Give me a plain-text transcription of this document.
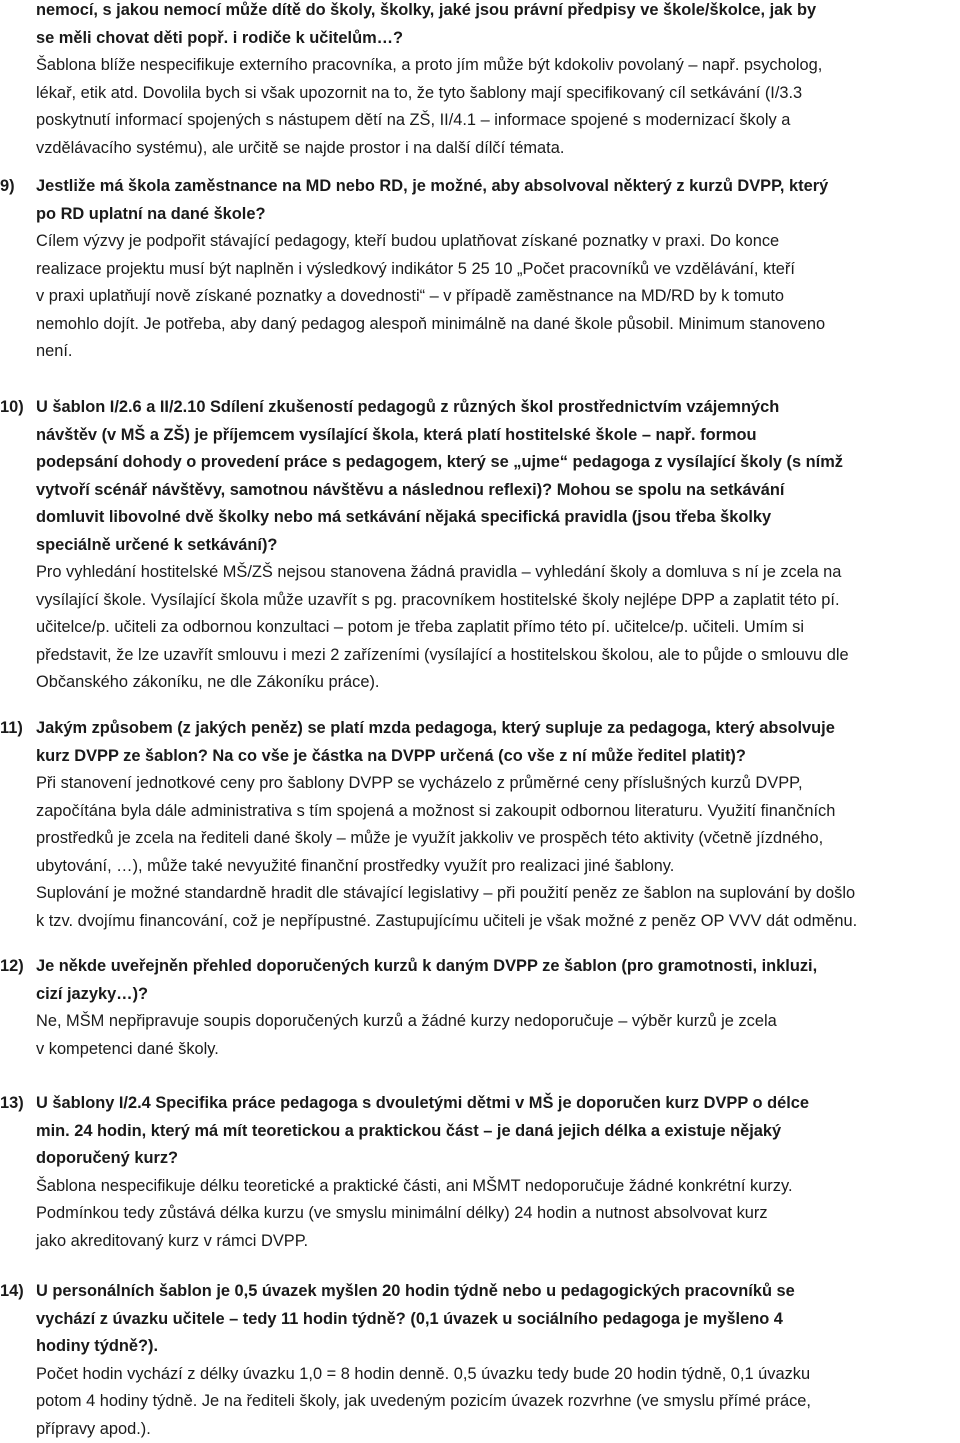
nemocí, s jakou nemocí může dítě do školy, školky, jaké jsou právní předpisy ve škole/školce, jak by
se měli chovat děti popř. i rodiče k učitelům…?
Šablona blíže nespecifikuje externího pracovníka, a proto jím může být kdokoliv povolaný – např. psycholog,
lékař, etik atd. Dovolila bych si však upozornit na to, že tyto šablony mají specifikovaný cíl setkávání (I/3.3
poskytnutí informací spojených s nástupem dětí na ZŠ, II/4.1 – informace spojené s modernizací školy a
vzdělávacího systému), ale určitě se najde prostor i na další dílčí témata.
9) Jestliže má škola zaměstnance na MD nebo RD, je možné, aby absolvoval některý z kurzů DVPP, který
po RD uplatní na dané škole?
Cílem výzvy je podpořit stávající pedagogy, kteří budou uplatňovat získané poznatky v praxi. Do konce
realizace projektu musí být naplněn i výsledkový indikátor 5 25 10 „Počet pracovníků ve vzdělávání, kteří
v praxi uplatňují nově získané poznatky a dovednosti“ – v případě zaměstnance na MD/RD by k tomuto
nemohlo dojít. Je potřeba, aby daný pedagog alespoň minimálně na dané škole působil. Minimum stanoveno
není.
10) U šablon I/2.6 a II/2.10 Sdílení zkušeností pedagogů z různých škol prostřednictvím vzájemných
návštěv (v MŠ a ZŠ) je příjemcem vysílající škola, která platí hostitelské škole – např. formou
podepsání dohody o provedení práce s pedagogem, který se „ujme“ pedagoga z vysílající školy (s nímž
vytvoří scénář návštěvy, samotnou návštěvu a následnou reflexi)? Mohou se spolu na setkávání
domluvit libovolné dvě školky nebo má setkávání nějaká specifická pravidla (jsou třeba školky
speciálně určené k setkávání)?
Pro vyhledání hostitelské MŠ/ZŠ nejsou stanovena žádná pravidla – vyhledání školy a domluva s ní je zcela na
vysílající škole. Vysílající škola může uzavřít s pg. pracovníkem hostitelské školy nejlépe DPP a zaplatit této pí.
učitelce/p. učiteli za odbornou konzultaci – potom je třeba zaplatit přímo této pí. učitelce/p. učiteli. Umím si
představit, že lze uzavřít smlouvu i mezi 2 zařízeními (vysílající a hostitelskou školou, ale to půjde o smlouvu dle
Občanského zákoníku, ne dle Zákoníku práce).
11) Jakým způsobem (z jakých peněz) se platí mzda pedagoga, který supluje za pedagoga, který absolvuje
kurz DVPP ze šablon? Na co vše je částka na DVPP určená (co vše z ní může ředitel platit)?
Při stanovení jednotkové ceny pro šablony DVPP se vycházelo z průměrné ceny příslušných kurzů DVPP,
započítána byla dále administrativa s tím spojená a možnost si zakoupit odbornou literaturu. Využití finančních
prostředků je zcela na řediteli dané školy – může je využít jakkoliv ve prospěch této aktivity (včetně jízdného,
ubytování, …), může také nevyužité finanční prostředky využít pro realizaci jiné šablony.
Suplování je možné standardně hradit dle stávající legislativy – při použití peněz ze šablon na suplování by došlo
k tzv. dvojímu financování, což je nepřípustné. Zastupujícímu učiteli je však možné z peněz OP VVV dát odměnu.
12) Je někde uveřejněn přehled doporučených kurzů k daným DVPP ze šablon (pro gramotnosti, inkluzi,
cizí jazyky…)?
Ne, MŠM nepřipravuje soupis doporučených kurzů a žádné kurzy nedoporučuje – výběr kurzů je zcela
v kompetenci dané školy.
13) U šablony I/2.4 Specifika práce pedagoga s dvouletými dětmi v MŠ je doporučen kurz DVPP o délce
min. 24 hodin, který má mít teoretickou a praktickou část – je daná jejich délka a existuje nějaký
doporučený kurz?
Šablona nespecifikuje délku teoretické a praktické části, ani MŠMT nedoporučuje žádné konkrétní kurzy.
Podmínkou tedy zůstává délka kurzu (ve smyslu minimální délky) 24 hodin a nutnost absolvovat kurz
jako akreditovaný kurz v rámci DVPP.
14) U personálních šablon je 0,5 úvazek myšlen 20 hodin týdně nebo u pedagogických pracovníků se
vychází z úvazku učitele – tedy 11 hodin týdně? (0,1 úvazek u sociálního pedagoga je myšleno 4
hodiny týdně?).
Počet hodin vychází z délky úvazku 1,0 = 8 hodin denně. 0,5 úvazku tedy bude 20 hodin týdně, 0,1 úvazku
potom 4 hodiny týdně. Je na řediteli školy, jak uvedeným pozicím úvazek rozvrhne (ve smyslu přímé práce,
přípravy apod.).
